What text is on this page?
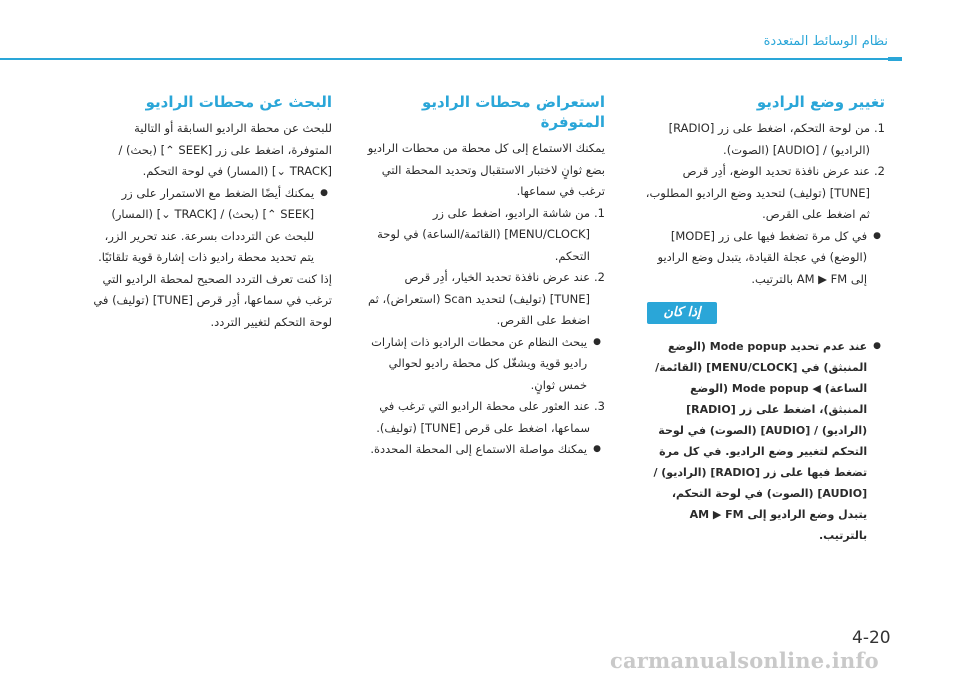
نظام الوسائط المتعددة
تغيير وضع الراديو
1.
من لوحة التحكم، اضغط على زر [RADIO] (الراديو) / [AUDIO] (الصوت).
2.
عند عرض نافذة تحديد الوضع، أدِر قرص [TUNE] (توليف) لتحديد وضع الراديو المطلوب، ثم اضغط على القرص.
●
في كل مرة تضغط فيها على زر [MODE] (الوضع) في عجلة القيادة، يتبدل وضع الراديو إلى AM ▶ FM بالترتيب.
إذا كان
●
عند عدم تحديد Mode popup (الوضع المنبثق) في [MENU/CLOCK] (القائمة/الساعة) ◀ Mode popup (الوضع المنبثق)، اضغط على زر [RADIO] (الراديو) / [AUDIO] (الصوت) في لوحة التحكم لتغيير وضع الراديو. في كل مرة تضغط فيها على زر [RADIO] (الراديو) / [AUDIO] (الصوت) في لوحة التحكم، يتبدل وضع الراديو إلى AM ▶ FM بالترتيب.
استعراض محطات الراديو المتوفرة
يمكنك الاستماع إلى كل محطة من محطات الراديو بضع ثوانٍ لاختبار الاستقبال وتحديد المحطة التي ترغب في سماعها.
1.
من شاشة الراديو، اضغط على زر [MENU/CLOCK] (القائمة/الساعة) في لوحة التحكم.
2.
عند عرض نافذة تحديد الخيار، أدِر قرص [TUNE] (توليف) لتحديد Scan (استعراض)، ثم اضغط على القرص.
●
يبحث النظام عن محطات الراديو ذات إشارات راديو قوية ويشغّل كل محطة راديو لحوالي خمس ثوانٍ.
3.
عند العثور على محطة الراديو التي ترغب في سماعها، اضغط على قرص [TUNE] (توليف).
●
يمكنك مواصلة الاستماع إلى المحطة المحددة.
البحث عن محطات الراديو
للبحث عن محطة الراديو السابقة أو التالية المتوفرة، اضغط على زر [SEEK ⌃] (بحث) / [TRACK ⌄] (المسار) في لوحة التحكم.
●
يمكنك أيضًا الضغط مع الاستمرار على زر [SEEK ⌃] (بحث) / [TRACK ⌄] (المسار) للبحث عن الترددات بسرعة. عند تحرير الزر، يتم تحديد محطة راديو ذات إشارة قوية تلقائيًا.
إذا كنت تعرف التردد الصحيح لمحطة الراديو التي ترغب في سماعها، أدِر قرص [TUNE] (توليف) في لوحة التحكم لتغيير التردد.
4-20
carmanualsonline.info
